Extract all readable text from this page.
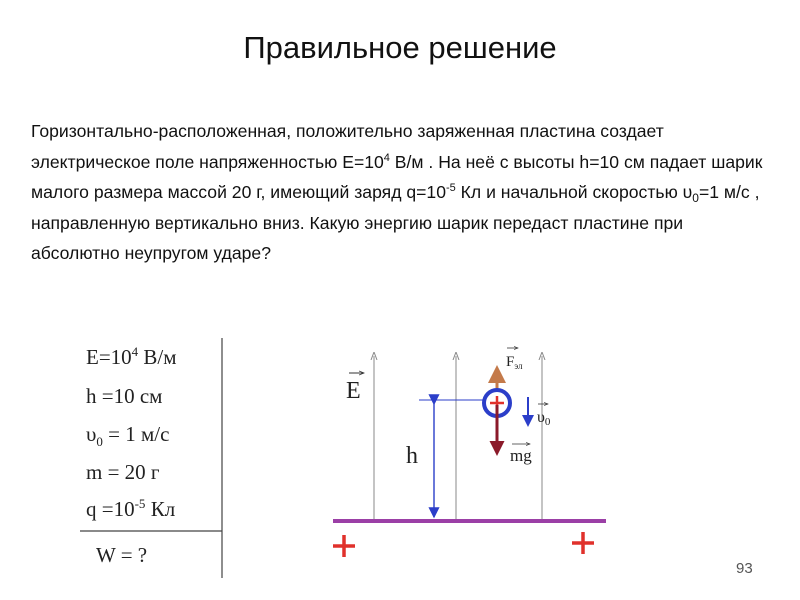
Правильное решение
Горизонтально-расположенная, положительно заряженная пластина создает электрическое поле напряженностью $E=10^4$ В/м . На неё с высоты h=10 см падает шарик малого размера массой 20 г, имеющий заряд $q=10^{-5}$ Кл и начальной скоростью $\upsilon_0=1$ м/с , направленную вертикально вниз. Какую энергию шарик передаст пластине при абсолютно неупругом ударе?
$E=10^4$ В/м
h =10 см
$\upsilon_0 = 1$ м/с
m = 20 г
$q =10^{-5}$ Кл
W = ?
E
h
$F_{эл}$
mg
υ0
93
